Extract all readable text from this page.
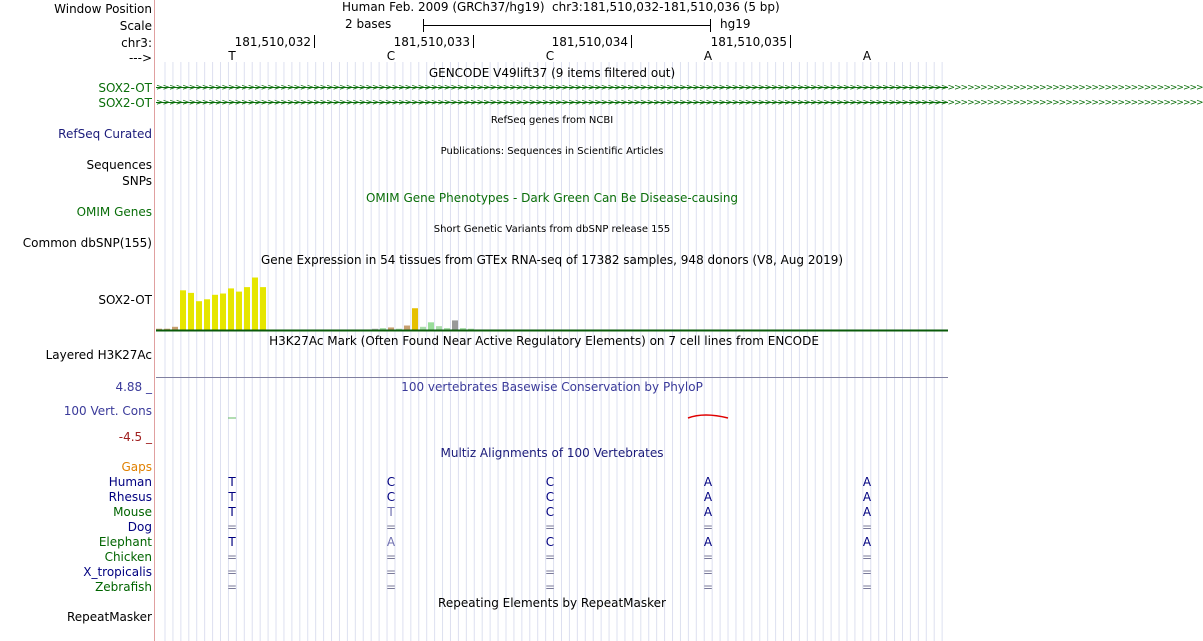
Window Position
Scale
chr3:
--->
Human Feb. 2009 (GRCh37/hg19) chr3:181,510,032-181,510,036 (5 bp)
2 bases	hg19
181,510,032	181,510,033	181,510,034	181,510,035
T	C	C	A	A
GENCODE V49lift37 (9 items filtered out)
SOX2-OT
SOX2-OT
>>>>>>>>>>>>>>>>>>>>>>>>>>>>>>>>>>>>>>>>>>>>>>>>>>>>>>>>>>>>>>>>>>>>>>>>>>>>>>>>>>>>>>>>>>>>>>>>>>>>>>>>>>>>>>>>>>>>>>>>>>>>>>>>>>>>>>>>>>>>>>>>>>>>>>>>>>>>>>>>
>>>>>>>>>>>>>>>>>>>>>>>>>>>>>>>>>>>>>>>>>>>>>>>>>>>>>>>>>>>>>>>>>>>>>>>>>>>>>>>>>>>>>>>>>>>>>>>>>>>>>>>>>>>>>>>>>>>>>>>>>>>>>>>>>>>>>>>>>>>>>>>>>>>>>>>>>>>>>>>>
RefSeq Curated
RefSeq genes from NCBI
Sequences
Publications: Sequences in Scientific Articles
SNPs
OMIM Gene Phenotypes - Dark Green Can Be Disease-causing
OMIM Genes
Short Genetic Variants from dbSNP release 155
Common dbSNP(155)
Gene Expression in 54 tissues from GTEx RNA-seq of 17382 samples, 948 donors (V8, Aug 2019)
SOX2-OT
H3K27Ac Mark (Often Found Near Active Regulatory Elements) on 7 cell lines from ENCODE
Layered H3K27Ac
4.88 _	100 vertebrates Basewise Conservation by PhyloP
100 Vert. Cons
-4.5 _
Multiz Alignments of 100 Vertebrates
Gaps
Human	T	C	C	A	A
Rhesus	T	C	C	A	A
Mouse	T	T	C	A	A
Dog	=	=	=	=	=
Elephant	T	A	C	A	A
Chicken	=	=	=	=	=
X_tropicalis	=	=	=	=	=
Zebrafish	=	=	=	=	=
Repeating Elements by RepeatMasker
RepeatMasker
